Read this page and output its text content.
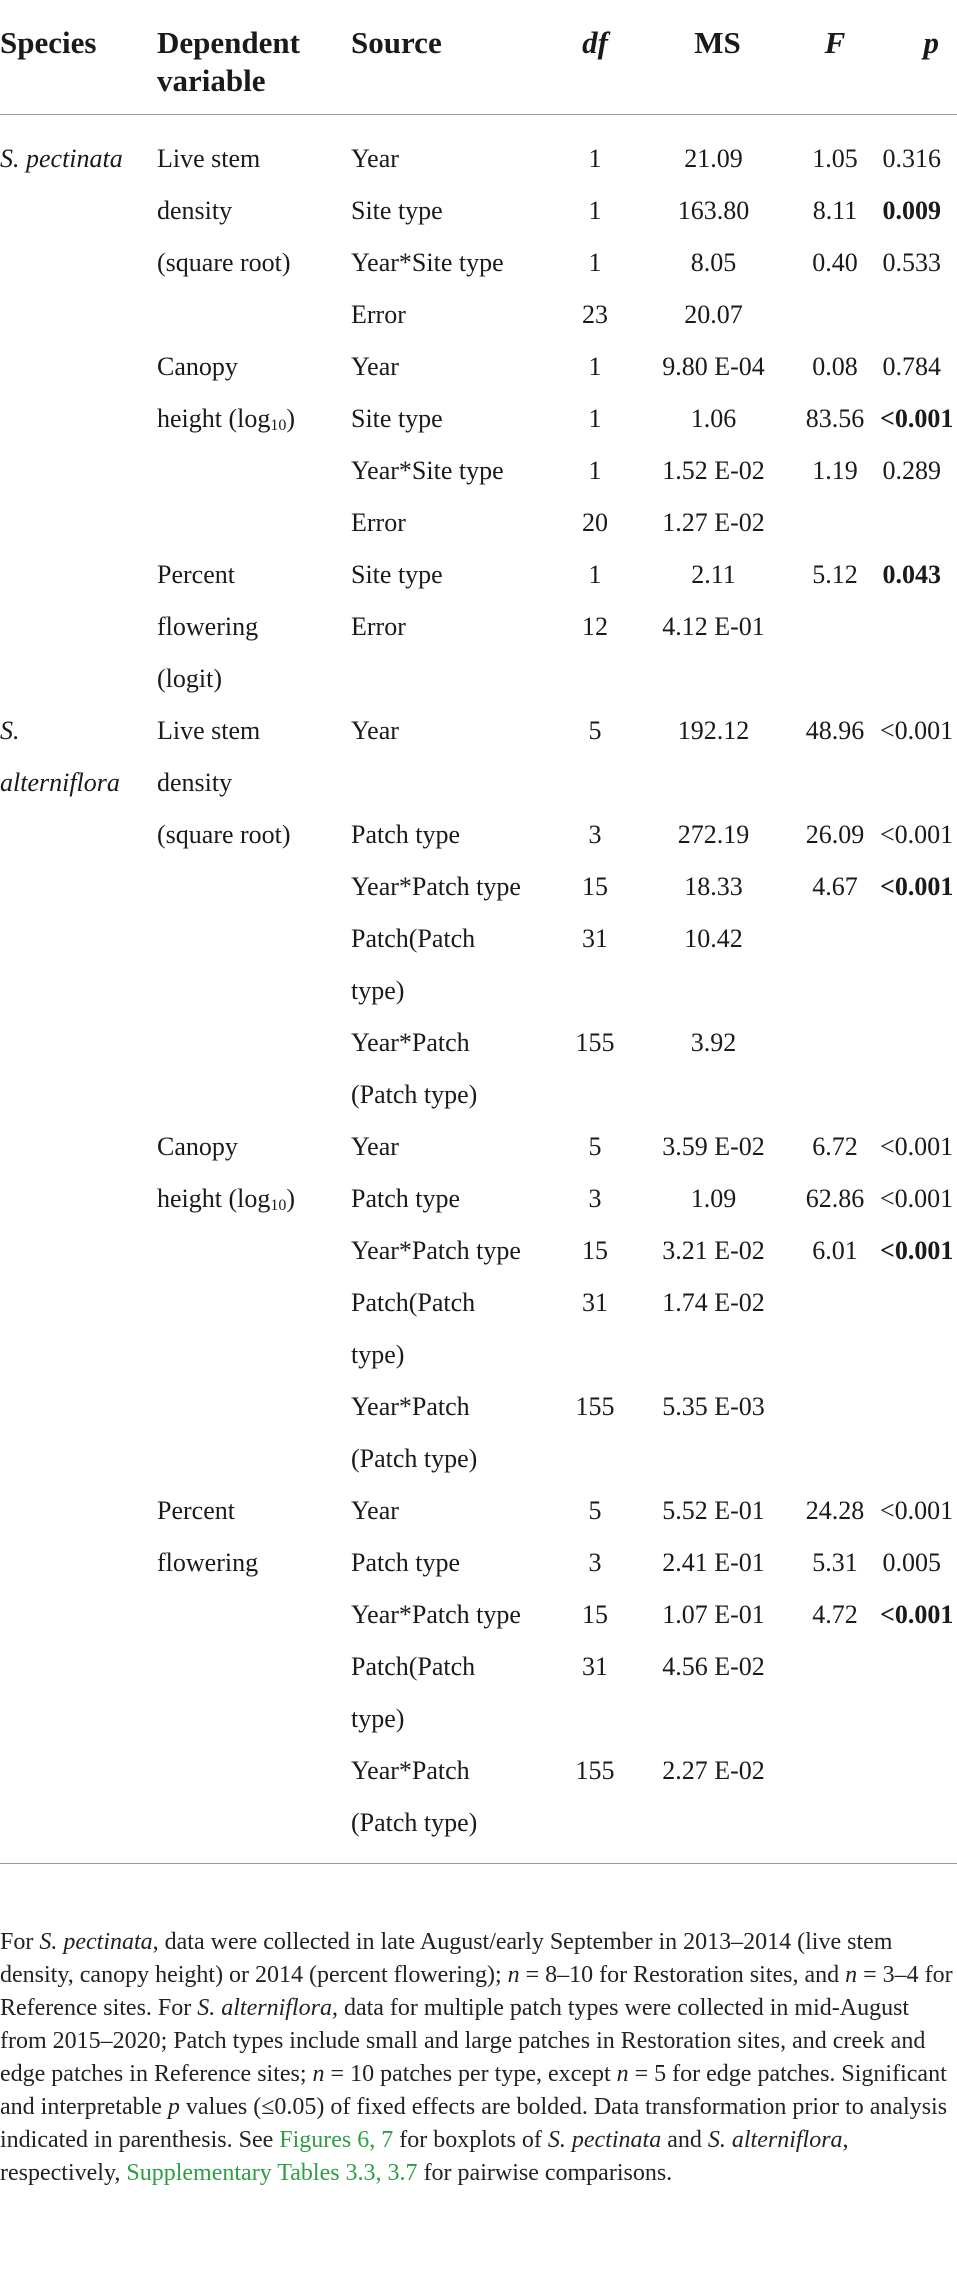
Species	Dependent variable	Source	df	MS	F	p
S. pectinata	Live stem	Year	1	21.09	1.05	0.316
	density	Site type	1	163.80	8.11	0.009
	(square root)	Year*Site type	1	8.05	0.40	0.533
		Error	23	20.07		
	Canopy	Year	1	9.80 E-04	0.08	0.784
	height $(\log_{10})$	Site type	1	1.06	83.56	<0.001
		Year*Site type	1	1.52 E-02	1.19	0.289
		Error	20	1.27 E-02		
	Percent	Site type	1	2.11	5.12	0.043
	flowering	Error	12	4.12 E-01		
	(logit)					
S.	Live stem	Year	5	192.12	48.96	<0.001
alterniflora	density					
	(square root)	Patch type	3	272.19	26.09	<0.001
		Year*Patch type	15	18.33	4.67	<0.001
		Patch(Patch	31	10.42		
		type)				
		Year*Patch	155	3.92		
		(Patch type)				
	Canopy	Year	5	3.59 E-02	6.72	<0.001
	height $(\log_{10})$	Patch type	3	1.09	62.86	<0.001
		Year*Patch type	15	3.21 E-02	6.01	<0.001
		Patch(Patch	31	1.74 E-02		
		type)				
		Year*Patch	155	5.35 E-03		
		(Patch type)				
	Percent	Year	5	5.52 E-01	24.28	<0.001
	flowering	Patch type	3	2.41 E-01	5.31	0.005
		Year*Patch type	15	1.07 E-01	4.72	<0.001
		Patch(Patch	31	4.56 E-02		
		type)				
		Year*Patch	155	2.27 E-02		
		(Patch type)				

For S. pectinata, data were collected in late August/early September in 2013–2014 (live stem density, canopy height) or 2014 (percent flowering); n = 8–10 for Restoration sites, and n = 3–4 for Reference sites. For S. alterniflora, data for multiple patch types were collected in mid-August from 2015–2020; Patch types include small and large patches in Restoration sites, and creek and edge patches in Reference sites; n = 10 patches per type, except n = 5 for edge patches. Significant and interpretable p values (≤0.05) of fixed effects are bolded. Data transformation prior to analysis indicated in parenthesis. See Figures 6, 7 for boxplots of S. pectinata and S. alterniflora, respectively, Supplementary Tables 3.3, 3.7 for pairwise comparisons.
